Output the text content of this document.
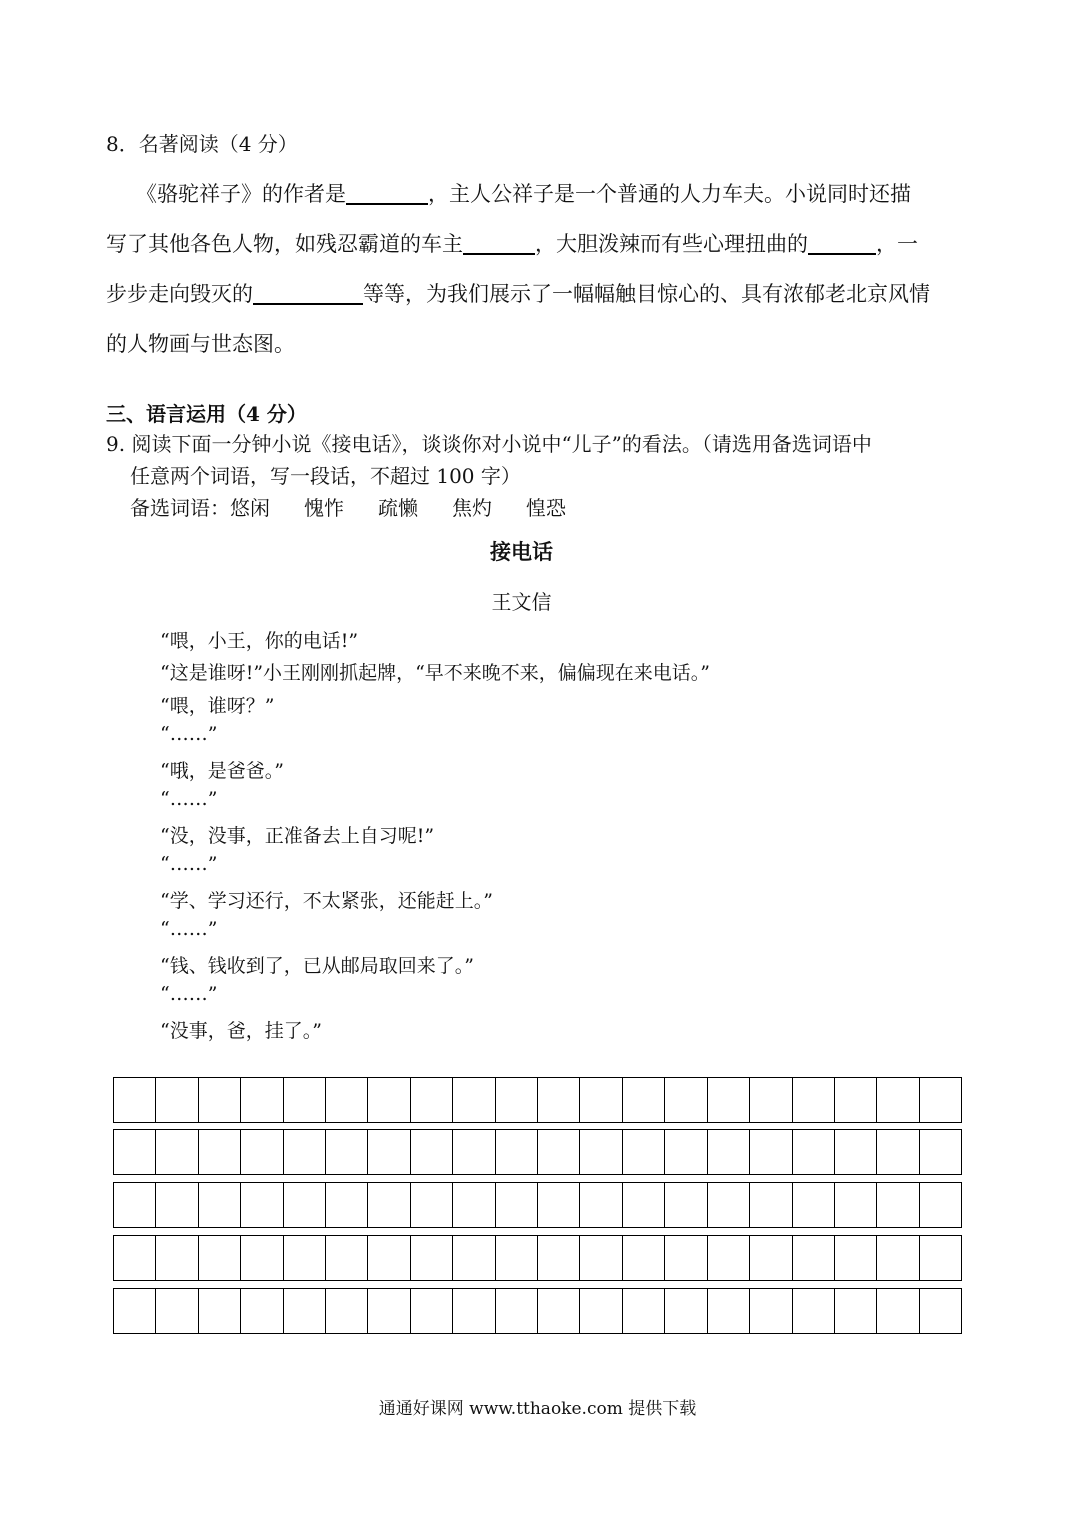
8．名著阅读（4 分）
《骆驼祥子》的作者是	，主人公祥子是一个普通的人力车夫。小说同时还描
写了其他各色人物，如残忍霸道的车主	，大胆泼辣而有些心理扭曲的	，一
步步走向毁灭的	等等，为我们展示了一幅幅触目惊心的、具有浓郁老北京风情
的人物画与世态图。
三、语言运用（4 分）
9. 阅读下面一分钟小说《接电话》，谈谈你对小说中“儿子”的看法。（请选用备选词语中
任意两个词语，写一段话，不超过 100 字）
备选词语：悠闲 愧怍 疏懒 焦灼 惶恐
接电话
王文信
“喂，小王，你的电话!”
“这是谁呀!”小王刚刚抓起牌，“早不来晚不来，偏偏现在来电话。”
“喂，谁呀？”
“……”
“哦，是爸爸。”
“……”
“没，没事，正准备去上自习呢!”
“……”
“学、学习还行，不太紧张，还能赶上。”
“……”
“钱、钱收到了，已从邮局取回来了。”
“……”
“没事，爸，挂了。”
通通好课网 www.tthaoke.com 提供下载
